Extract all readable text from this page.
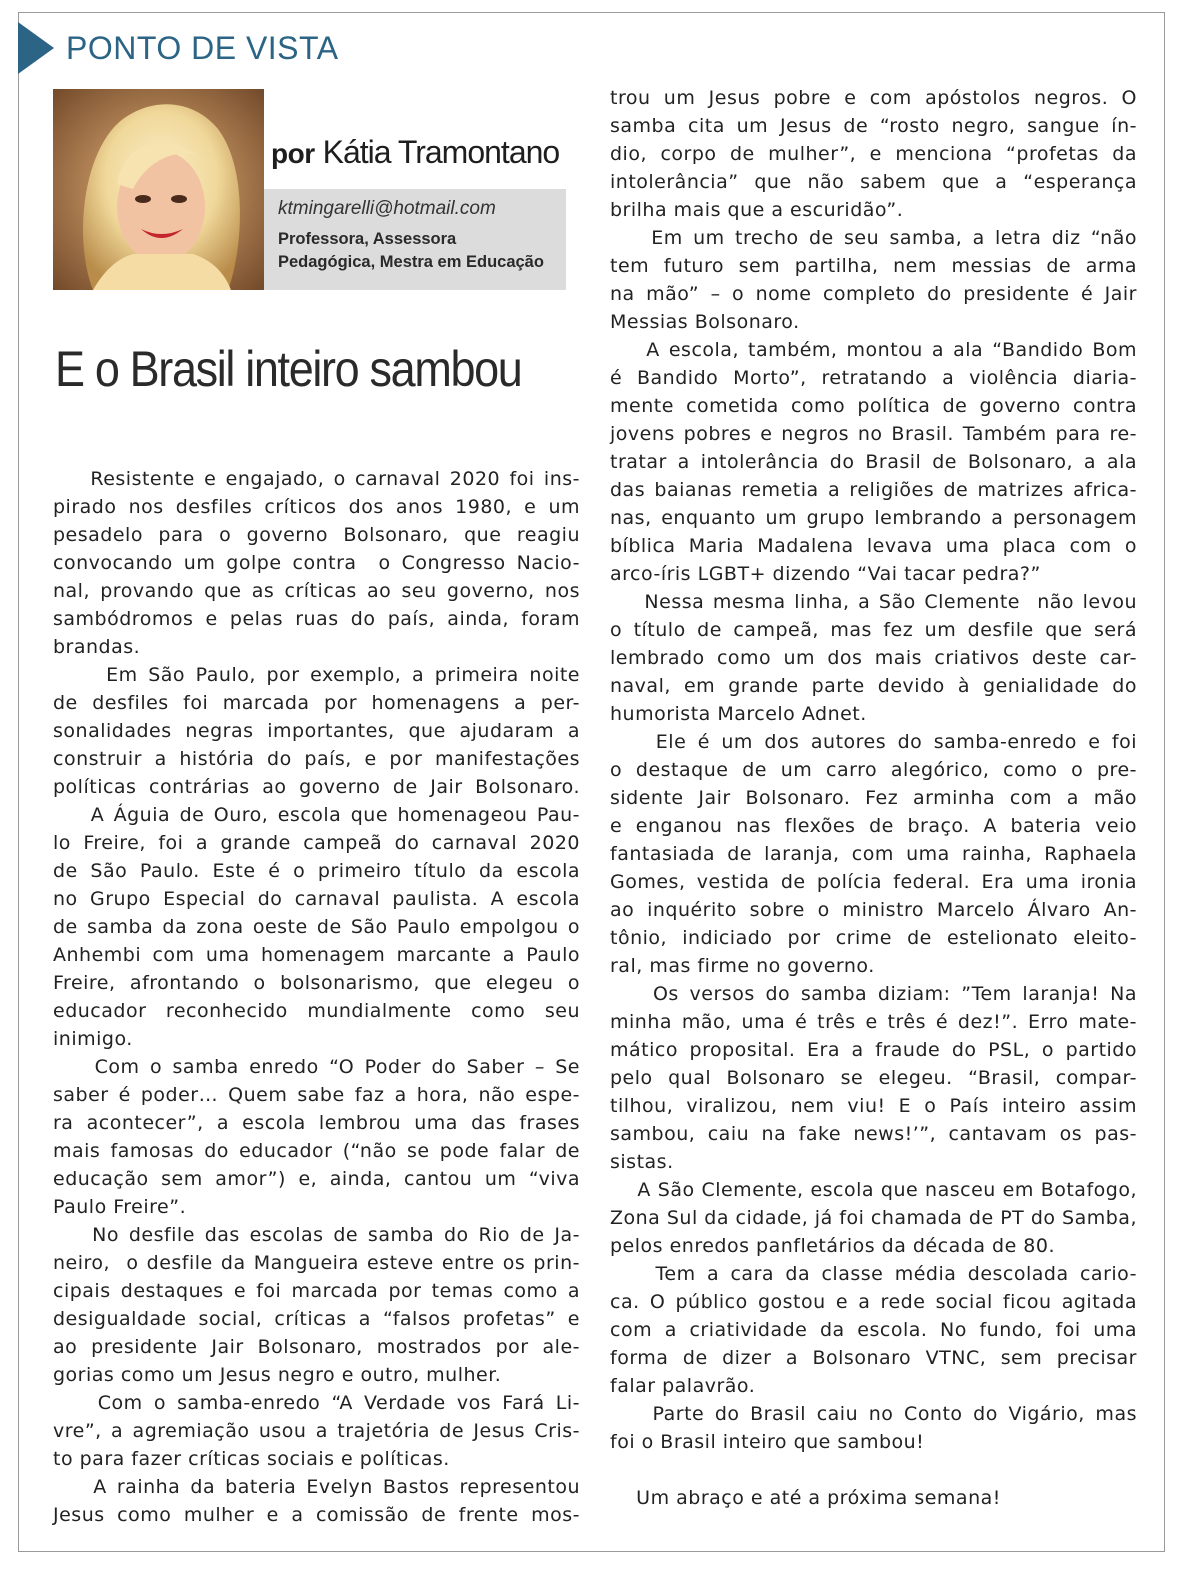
PONTO DE VISTA
por Kátia Tramontano
ktmingarelli@hotmail.com
Professora, Assessora
Pedagógica, Mestra em Educação
E o Brasil inteiro sambou
Resistente e engajado, o carnaval 2020 foi ins-
pirado nos desfiles críticos dos anos 1980, e um
pesadelo para o governo Bolsonaro, que reagiu
convocando um golpe contra  o Congresso Nacio-
nal, provando que as críticas ao seu governo, nos
sambódromos e pelas ruas do país, ainda, foram
brandas.
Em São Paulo, por exemplo, a primeira noite
de desfiles foi marcada por homenagens a per-
sonalidades negras importantes, que ajudaram a
construir a história do país, e por manifestações
políticas contrárias ao governo de Jair Bolsonaro.
A Águia de Ouro, escola que homenageou Pau-
lo Freire, foi a grande campeã do carnaval 2020
de São Paulo. Este é o primeiro título da escola
no Grupo Especial do carnaval paulista. A escola
de samba da zona oeste de São Paulo empolgou o
Anhembi com uma homenagem marcante a Paulo
Freire, afrontando o bolsonarismo, que elegeu o
educador reconhecido mundialmente como seu
inimigo.
Com o samba enredo “O Poder do Saber – Se
saber é poder… Quem sabe faz a hora, não espe-
ra acontecer”, a escola lembrou uma das frases
mais famosas do educador (“não se pode falar de
educação sem amor”) e, ainda, cantou um “viva
Paulo Freire”.
No desfile das escolas de samba do Rio de Ja-
neiro,  o desfile da Mangueira esteve entre os prin-
cipais destaques e foi marcada por temas como a
desigualdade social, críticas a “falsos profetas” e
ao presidente Jair Bolsonaro, mostrados por ale-
gorias como um Jesus negro e outro, mulher.
Com o samba-enredo “A Verdade vos Fará Li-
vre”, a agremiação usou a trajetória de Jesus Cris-
to para fazer críticas sociais e políticas.
A rainha da bateria Evelyn Bastos representou
Jesus como mulher e a comissão de frente mos-
trou um Jesus pobre e com apóstolos negros. O
samba cita um Jesus de “rosto negro, sangue ín-
dio, corpo de mulher”, e menciona “profetas da
intolerância” que não sabem que a “esperança
brilha mais que a escuridão”.
Em um trecho de seu samba, a letra diz “não
tem futuro sem partilha, nem messias de arma
na mão” – o nome completo do presidente é Jair
Messias Bolsonaro.
A escola, também, montou a ala “Bandido Bom
é Bandido Morto”, retratando a violência diaria-
mente cometida como política de governo contra
jovens pobres e negros no Brasil. Também para re-
tratar a intolerância do Brasil de Bolsonaro, a ala
das baianas remetia a religiões de matrizes africa-
nas, enquanto um grupo lembrando a personagem
bíblica Maria Madalena levava uma placa com o
arco-íris LGBT+ dizendo “Vai tacar pedra?”
Nessa mesma linha, a São Clemente  não levou
o título de campeã, mas fez um desfile que será
lembrado como um dos mais criativos deste car-
naval, em grande parte devido à genialidade do
humorista Marcelo Adnet.
Ele é um dos autores do samba-enredo e foi
o destaque de um carro alegórico, como o pre-
sidente Jair Bolsonaro. Fez arminha com a mão
e enganou nas flexões de braço. A bateria veio
fantasiada de laranja, com uma rainha, Raphaela
Gomes, vestida de polícia federal. Era uma ironia
ao inquérito sobre o ministro Marcelo Álvaro An-
tônio, indiciado por crime de estelionato eleito-
ral, mas firme no governo.
Os versos do samba diziam: ”Tem laranja! Na
minha mão, uma é três e três é dez!”. Erro mate-
mático proposital. Era a fraude do PSL, o partido
pelo qual Bolsonaro se elegeu. “Brasil, compar-
tilhou, viralizou, nem viu! E o País inteiro assim
sambou, caiu na fake news!’”, cantavam os pas-
sistas.
A São Clemente, escola que nasceu em Botafogo,
Zona Sul da cidade, já foi chamada de PT do Samba,
pelos enredos panfletários da década de 80.
Tem a cara da classe média descolada cario-
ca. O público gostou e a rede social ficou agitada
com a criatividade da escola. No fundo, foi uma
forma de dizer a Bolsonaro VTNC, sem precisar
falar palavrão.
Parte do Brasil caiu no Conto do Vigário, mas
foi o Brasil inteiro que sambou!
Um abraço e até a próxima semana!
